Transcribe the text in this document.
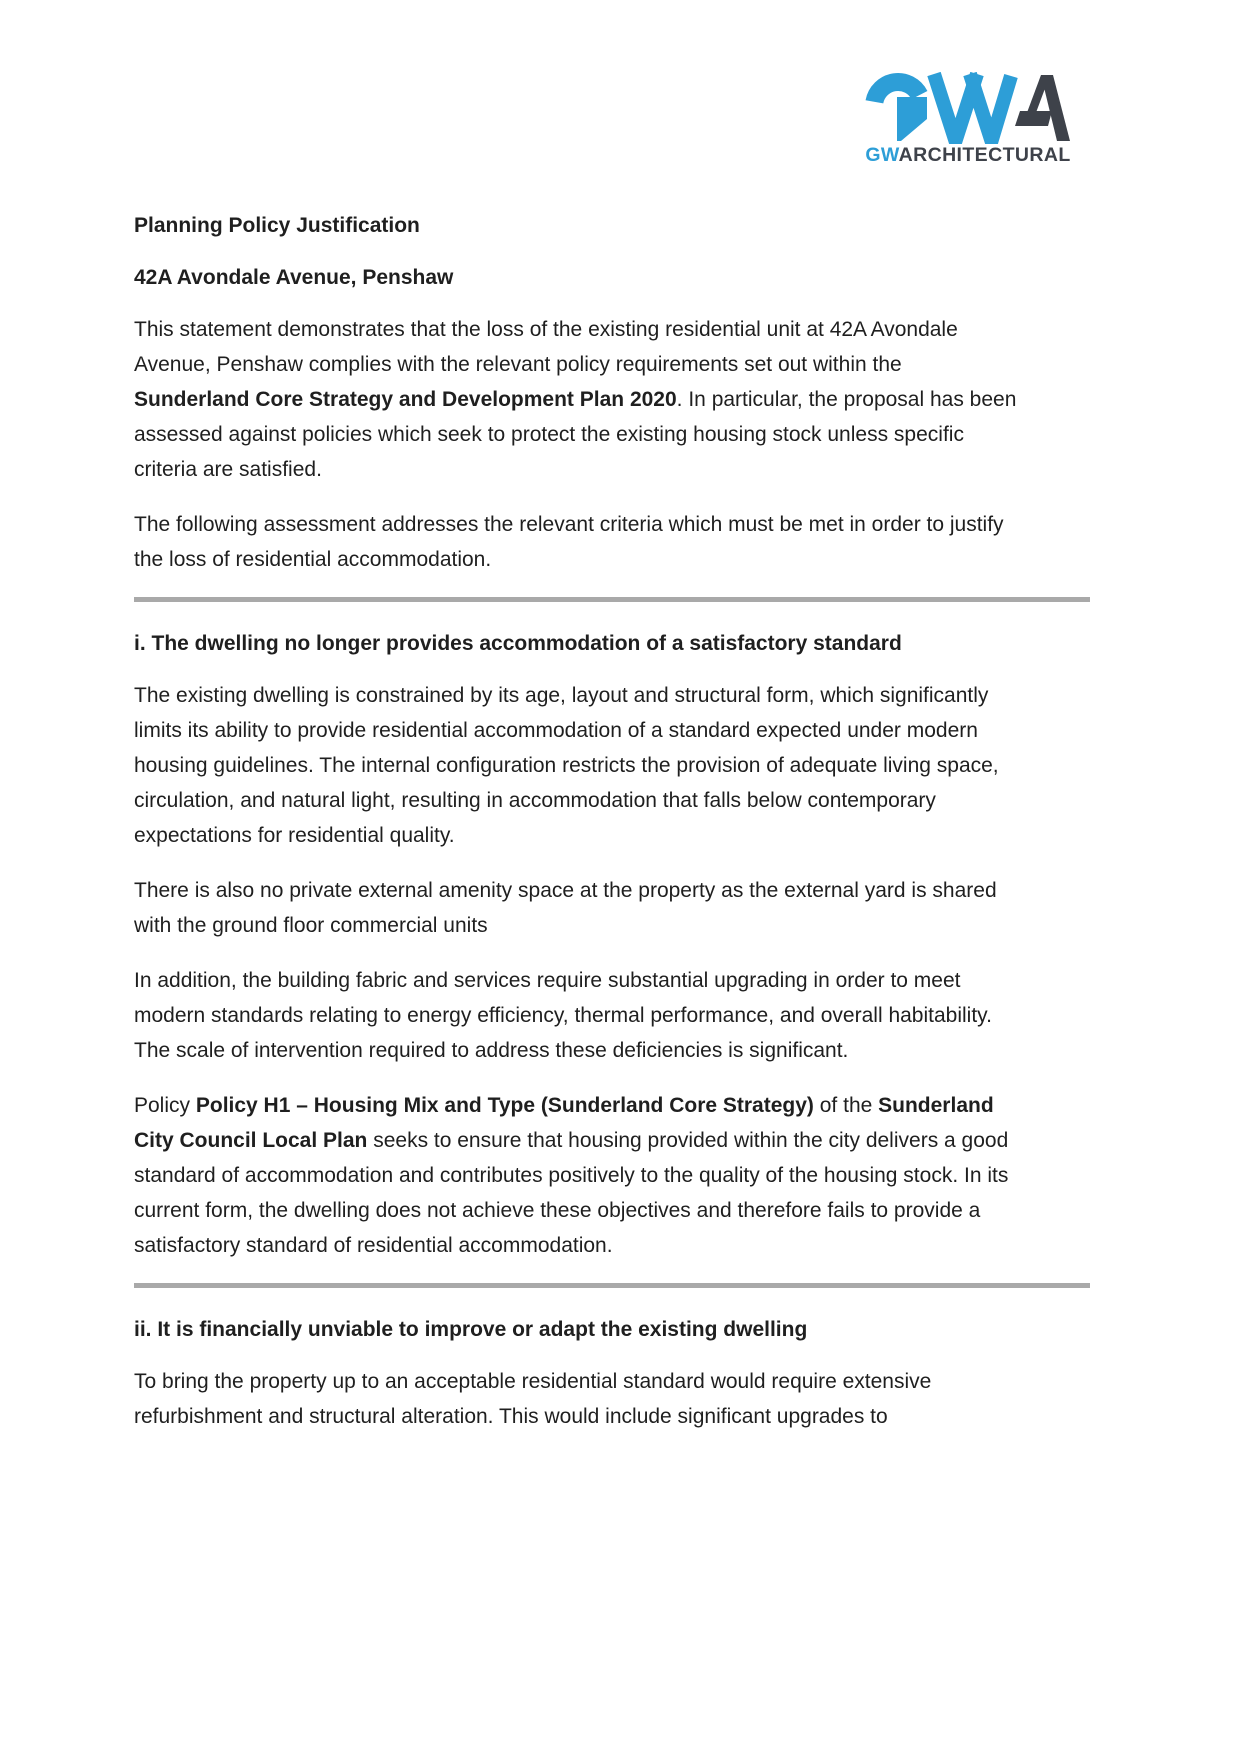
GWARCHITECTURAL

Planning Policy Justification

42A Avondale Avenue, Penshaw

This statement demonstrates that the loss of the existing residential unit at 42A Avondale Avenue, Penshaw complies with the relevant policy requirements set out within the Sunderland Core Strategy and Development Plan 2020. In particular, the proposal has been assessed against policies which seek to protect the existing housing stock unless specific criteria are satisfied.

The following assessment addresses the relevant criteria which must be met in order to justify the loss of residential accommodation.

i. The dwelling no longer provides accommodation of a satisfactory standard

The existing dwelling is constrained by its age, layout and structural form, which significantly limits its ability to provide residential accommodation of a standard expected under modern housing guidelines. The internal configuration restricts the provision of adequate living space, circulation, and natural light, resulting in accommodation that falls below contemporary expectations for residential quality.

There is also no private external amenity space at the property as the external yard is shared with the ground floor commercial units

In addition, the building fabric and services require substantial upgrading in order to meet modern standards relating to energy efficiency, thermal performance, and overall habitability. The scale of intervention required to address these deficiencies is significant.

Policy Policy H1 – Housing Mix and Type (Sunderland Core Strategy) of the Sunderland City Council Local Plan seeks to ensure that housing provided within the city delivers a good standard of accommodation and contributes positively to the quality of the housing stock. In its current form, the dwelling does not achieve these objectives and therefore fails to provide a satisfactory standard of residential accommodation.

ii. It is financially unviable to improve or adapt the existing dwelling

To bring the property up to an acceptable residential standard would require extensive refurbishment and structural alteration. This would include significant upgrades to
